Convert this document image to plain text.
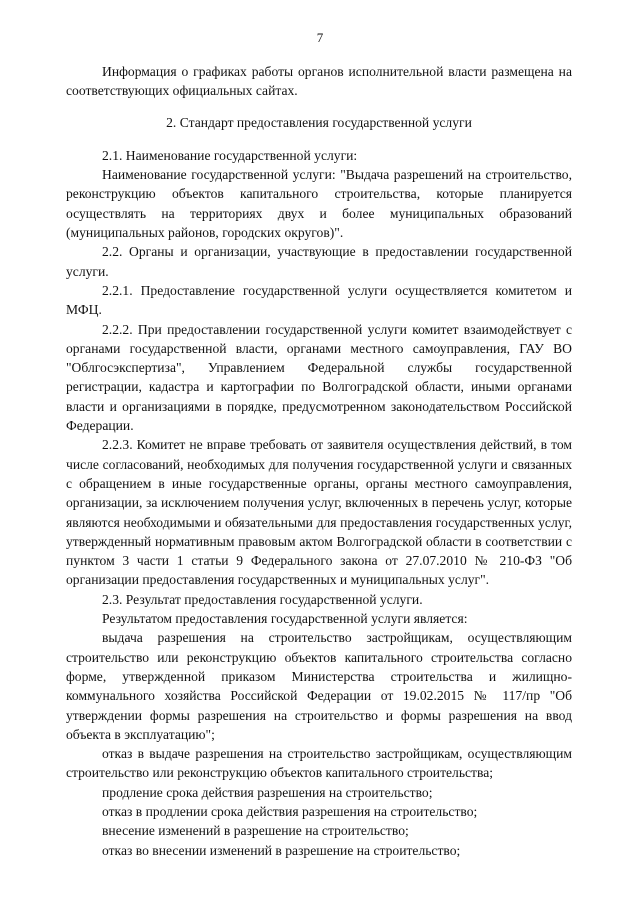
7

Информация о графиках работы органов исполнительной власти размещена на соответствующих официальных сайтах.

2. Стандарт предоставления государственной услуги

2.1. Наименование государственной услуги:

Наименование государственной услуги: "Выдача разрешений на строительство, реконструкцию объектов капитального строительства, которые планируется осуществлять на территориях двух и более муниципальных образований (муниципальных районов, городских округов)".

2.2. Органы и организации, участвующие в предоставлении государственной услуги.

2.2.1. Предоставление государственной услуги осуществляется комитетом и МФЦ.

2.2.2. При предоставлении государственной услуги комитет взаимодействует с органами государственной власти, органами местного самоуправления, ГАУ ВО "Облгосэкспертиза", Управлением Федеральной службы государственной регистрации, кадастра и картографии по Волгоградской области, иными органами власти и организациями в порядке, предусмотренном законодательством Российской Федерации.

2.2.3. Комитет не вправе требовать от заявителя осуществления действий, в том числе согласований, необходимых для получения государственной услуги и связанных с обращением в иные государственные органы, органы местного самоуправления, организации, за исключением получения услуг, включенных в перечень услуг, которые являются необходимыми и обязательными для предоставления государственных услуг, утвержденный нормативным правовым актом Волгоградской области в соответствии с пунктом 3 части 1 статьи 9 Федерального закона от 27.07.2010 № 210-ФЗ "Об организации предоставления государственных и муниципальных услуг".

2.3. Результат предоставления государственной услуги.

Результатом предоставления государственной услуги является:

выдача разрешения на строительство застройщикам, осуществляющим строительство или реконструкцию объектов капитального строительства согласно форме, утвержденной приказом Министерства строительства и жилищно-коммунального хозяйства Российской Федерации от 19.02.2015 № 117/пр "Об утверждении формы разрешения на строительство и формы разрешения на ввод объекта в эксплуатацию";

отказ в выдаче разрешения на строительство застройщикам, осуществляющим строительство или реконструкцию объектов капитального строительства;

продление срока действия разрешения на строительство;

отказ в продлении срока действия разрешения на строительство;

внесение изменений в разрешение на строительство;

отказ во внесении изменений в разрешение на строительство;
